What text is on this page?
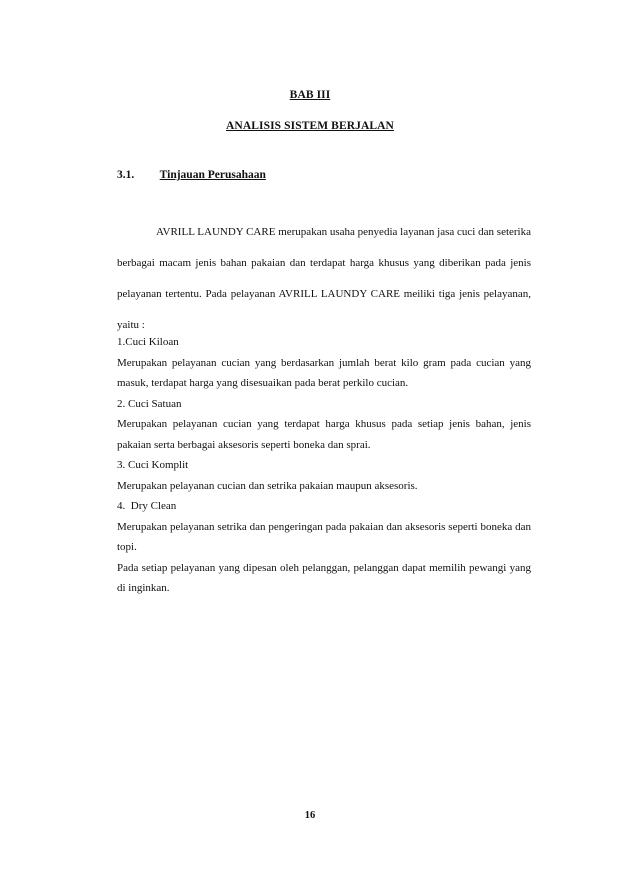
BAB III
ANALISIS SISTEM BERJALAN
3.1. Tinjauan Perusahaan
AVRILL LAUNDY CARE merupakan usaha penyedia layanan jasa cuci dan seterika berbagai macam jenis bahan pakaian dan terdapat harga khusus yang diberikan pada jenis pelayanan tertentu. Pada pelayanan AVRILL LAUNDY CARE meiliki tiga jenis pelayanan, yaitu :

1.Cuci Kiloan

Merupakan pelayanan cucian yang berdasarkan jumlah berat kilo gram pada cucian yang masuk, terdapat harga yang disesuaikan pada berat perkilo cucian.

2. Cuci Satuan

Merupakan pelayanan cucian yang terdapat harga khusus pada setiap jenis bahan, jenis pakaian serta berbagai aksesoris seperti boneka dan sprai.

3. Cuci Komplit

Merupakan pelayanan cucian dan setrika pakaian maupun aksesoris.

4.  Dry Clean

Merupakan pelayanan setrika dan pengeringan pada pakaian dan aksesoris seperti boneka dan topi.

Pada setiap pelayanan yang dipesan oleh pelanggan, pelanggan dapat memilih pewangi yang di inginkan.

16
